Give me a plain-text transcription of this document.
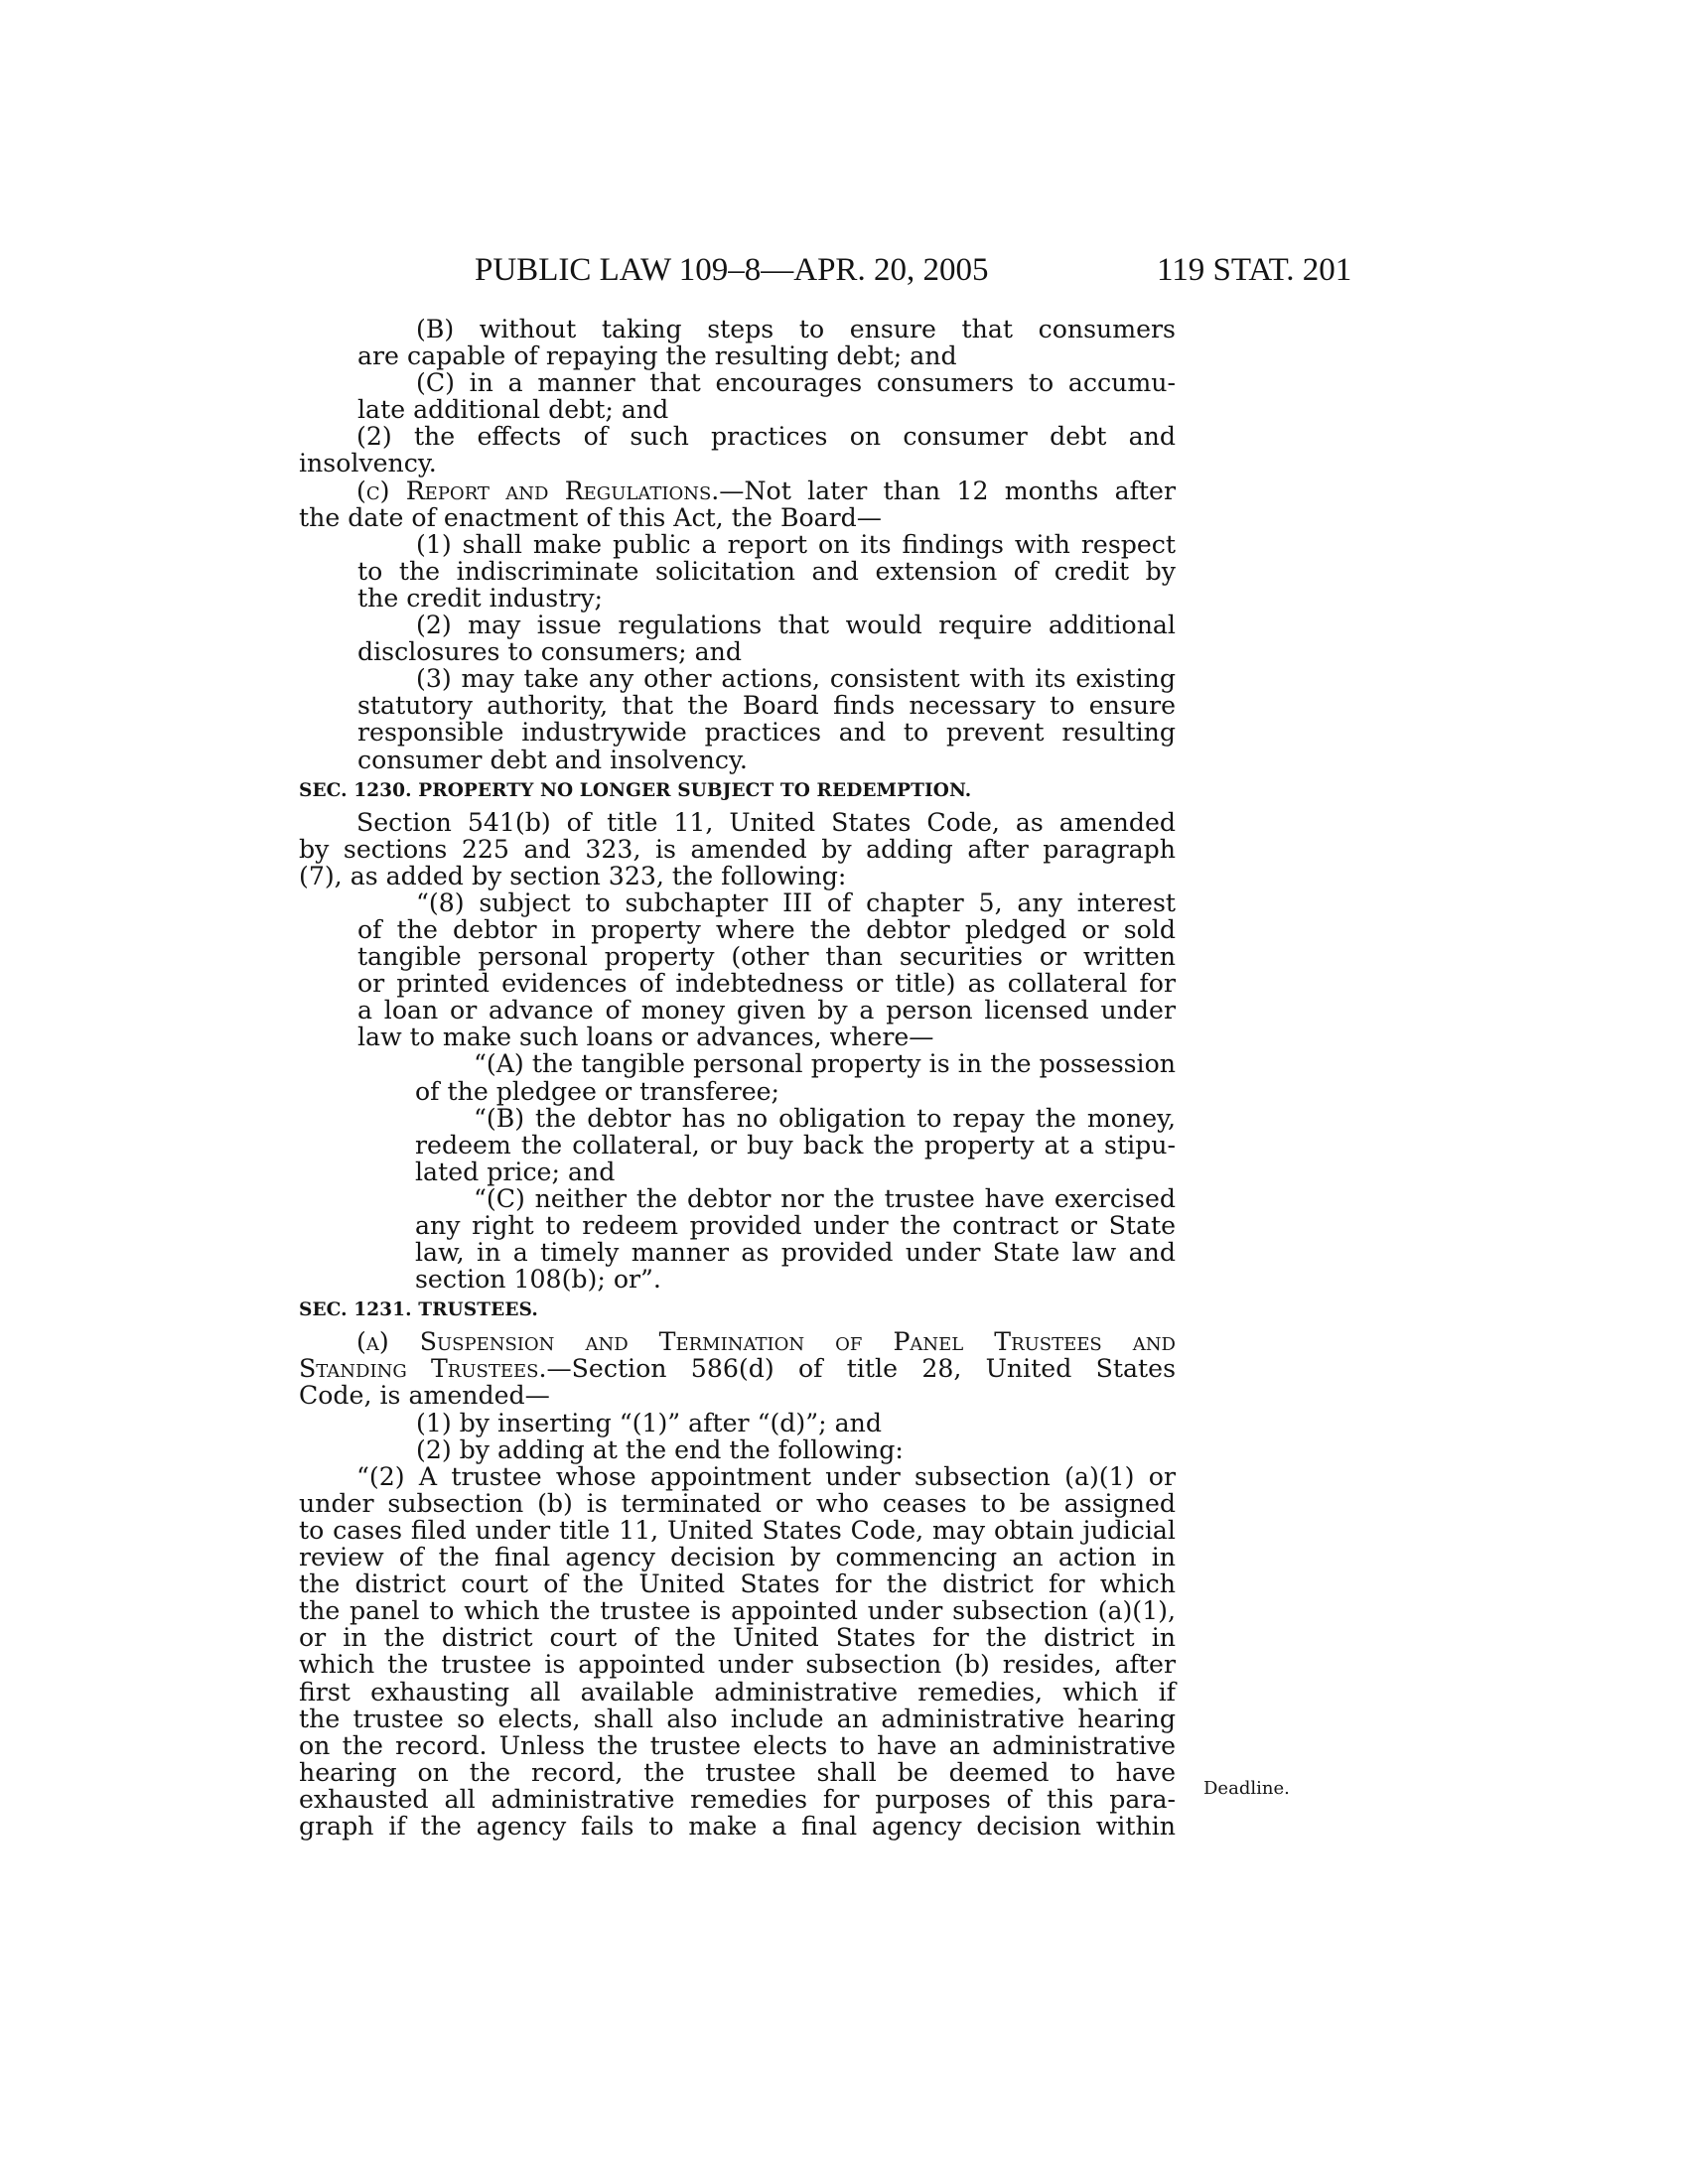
PUBLIC LAW 109–8—APR. 20, 2005	119 STAT. 201
(B) without taking steps to ensure that consumers
are capable of repaying the resulting debt; and
(C) in a manner that encourages consumers to accumu-
late additional debt; and
(2) the effects of such practices on consumer debt and
insolvency.
(c) Report and Regulations.—Not later than 12 months after
the date of enactment of this Act, the Board—
(1) shall make public a report on its findings with respect
to the indiscriminate solicitation and extension of credit by
the credit industry;
(2) may issue regulations that would require additional
disclosures to consumers; and
(3) may take any other actions, consistent with its existing
statutory authority, that the Board finds necessary to ensure
responsible industrywide practices and to prevent resulting
consumer debt and insolvency.
SEC. 1230. PROPERTY NO LONGER SUBJECT TO REDEMPTION.
Section 541(b) of title 11, United States Code, as amended
by sections 225 and 323, is amended by adding after paragraph
(7), as added by section 323, the following:
“(8) subject to subchapter III of chapter 5, any interest
of the debtor in property where the debtor pledged or sold
tangible personal property (other than securities or written
or printed evidences of indebtedness or title) as collateral for
a loan or advance of money given by a person licensed under
law to make such loans or advances, where—
“(A) the tangible personal property is in the possession
of the pledgee or transferee;
“(B) the debtor has no obligation to repay the money,
redeem the collateral, or buy back the property at a stipu-
lated price; and
“(C) neither the debtor nor the trustee have exercised
any right to redeem provided under the contract or State
law, in a timely manner as provided under State law and
section 108(b); or”.
SEC. 1231. TRUSTEES.
(a) Suspension and Termination of Panel Trustees and
Standing Trustees.—Section 586(d) of title 28, United States
Code, is amended—
(1) by inserting “(1)” after “(d)”; and
(2) by adding at the end the following:
“(2) A trustee whose appointment under subsection (a)(1) or
under subsection (b) is terminated or who ceases to be assigned
to cases filed under title 11, United States Code, may obtain judicial
review of the final agency decision by commencing an action in
the district court of the United States for the district for which
the panel to which the trustee is appointed under subsection (a)(1),
or in the district court of the United States for the district in
which the trustee is appointed under subsection (b) resides, after
first exhausting all available administrative remedies, which if
the trustee so elects, shall also include an administrative hearing
on the record. Unless the trustee elects to have an administrative
hearing on the record, the trustee shall be deemed to have
exhausted all administrative remedies for purposes of this para-
graph if the agency fails to make a final agency decision within
Deadline.
